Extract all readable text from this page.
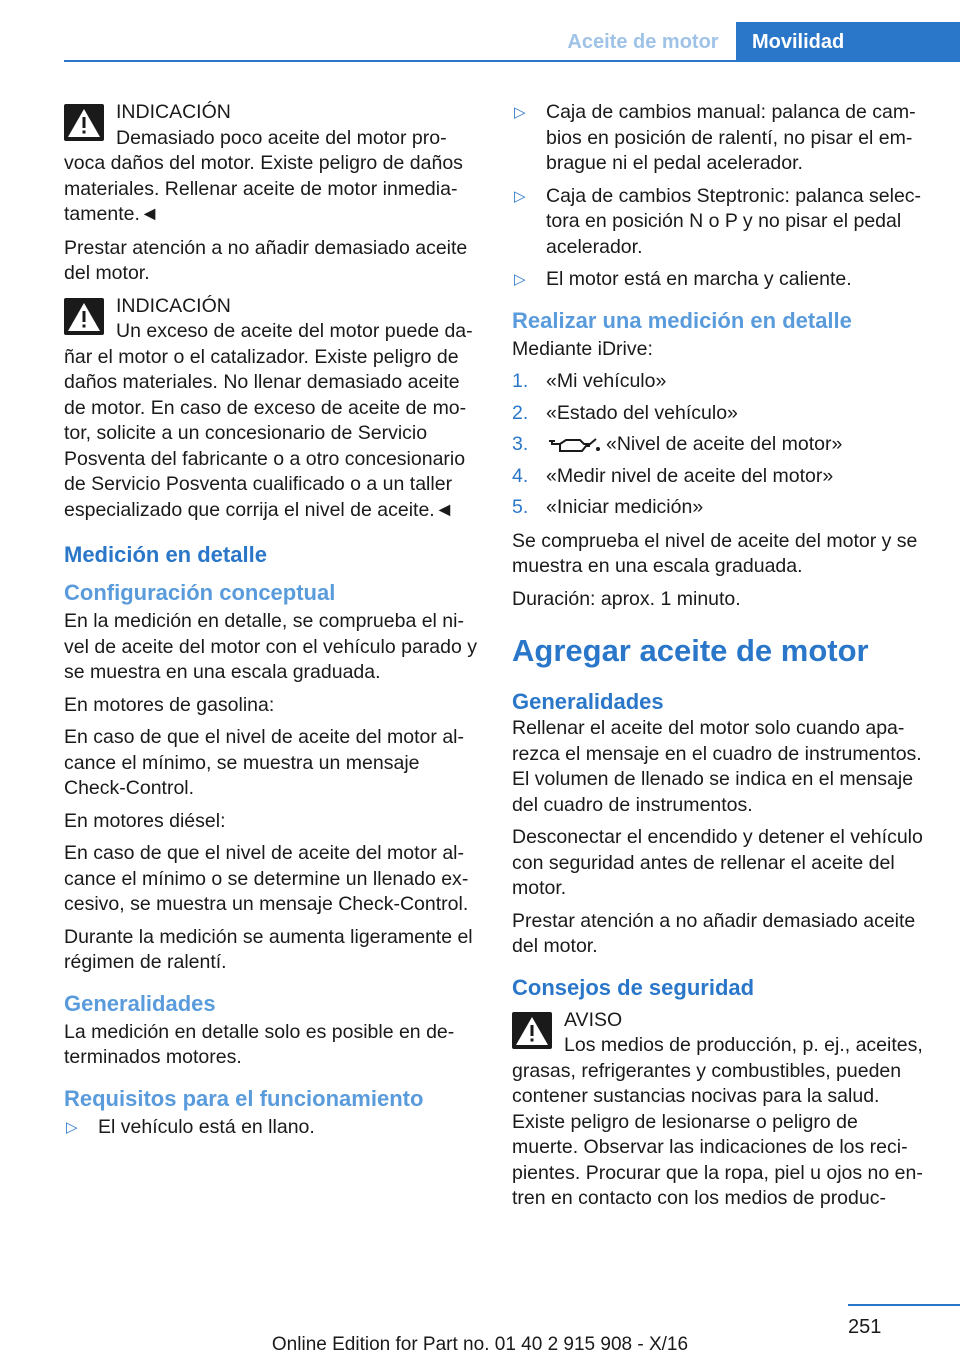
Aceite de motor	Movilidad
INDICACIÓN
Demasiado poco aceite del motor provoca daños del motor. Existe peligro de daños materiales. Rellenar aceite de motor inmediatamente.◄

Prestar atención a no añadir demasiado aceite del motor.

INDICACIÓN
Un exceso de aceite del motor puede dañar el motor o el catalizador. Existe peligro de daños materiales. No llenar demasiado aceite de motor. En caso de exceso de aceite de motor, solicite a un concesionario de Servicio Posventa del fabricante o a otro concesionario de Servicio Posventa cualificado o a un taller especializado que corrija el nivel de aceite.◄
Medición en detalle
Configuración conceptual

En la medición en detalle, se comprueba el nivel de aceite del motor con el vehículo parado y se muestra en una escala graduada.

En motores de gasolina:

En caso de que el nivel de aceite del motor alcance el mínimo, se muestra un mensaje Check-Control.

En motores diésel:

En caso de que el nivel de aceite del motor alcance el mínimo o se determine un llenado excesivo, se muestra un mensaje Check-Control.

Durante la medición se aumenta ligeramente el régimen de ralentí.

Generalidades

La medición en detalle solo es posible en determinados motores.

Requisitos para el funcionamiento
▷ El vehículo está en llano.
▷ Caja de cambios manual: palanca de cambios en posición de ralentí, no pisar el embrague ni el pedal acelerador.
▷ Caja de cambios Steptronic: palanca selectora en posición N o P y no pisar el pedal acelerador.
▷ El motor está en marcha y caliente.
Realizar una medición en detalle

Mediante iDrive:

1. «Mi vehículo»
2. «Estado del vehículo»
3.	«Nivel de aceite del motor»
4. «Medir nivel de aceite del motor»
5. «Iniciar medición»

Se comprueba el nivel de aceite del motor y se muestra en una escala graduada.

Duración: aprox. 1 minuto.

Agregar aceite de motor
Generalidades

Rellenar el aceite del motor solo cuando aparezca el mensaje en el cuadro de instrumentos. El volumen de llenado se indica en el mensaje del cuadro de instrumentos.

Desconectar el encendido y detener el vehículo con seguridad antes de rellenar el aceite del motor.

Prestar atención a no añadir demasiado aceite del motor.

Consejos de seguridad
AVISO
Los medios de producción, p. ej., aceites, grasas, refrigerantes y combustibles, pueden contener sustancias nocivas para la salud. Existe peligro de lesionarse o peligro de muerte. Observar las indicaciones de los recipientes. Procurar que la ropa, piel u ojos no entren en contacto con los medios de produc-
251
Online Edition for Part no. 01 40 2 915 908 - X/16
